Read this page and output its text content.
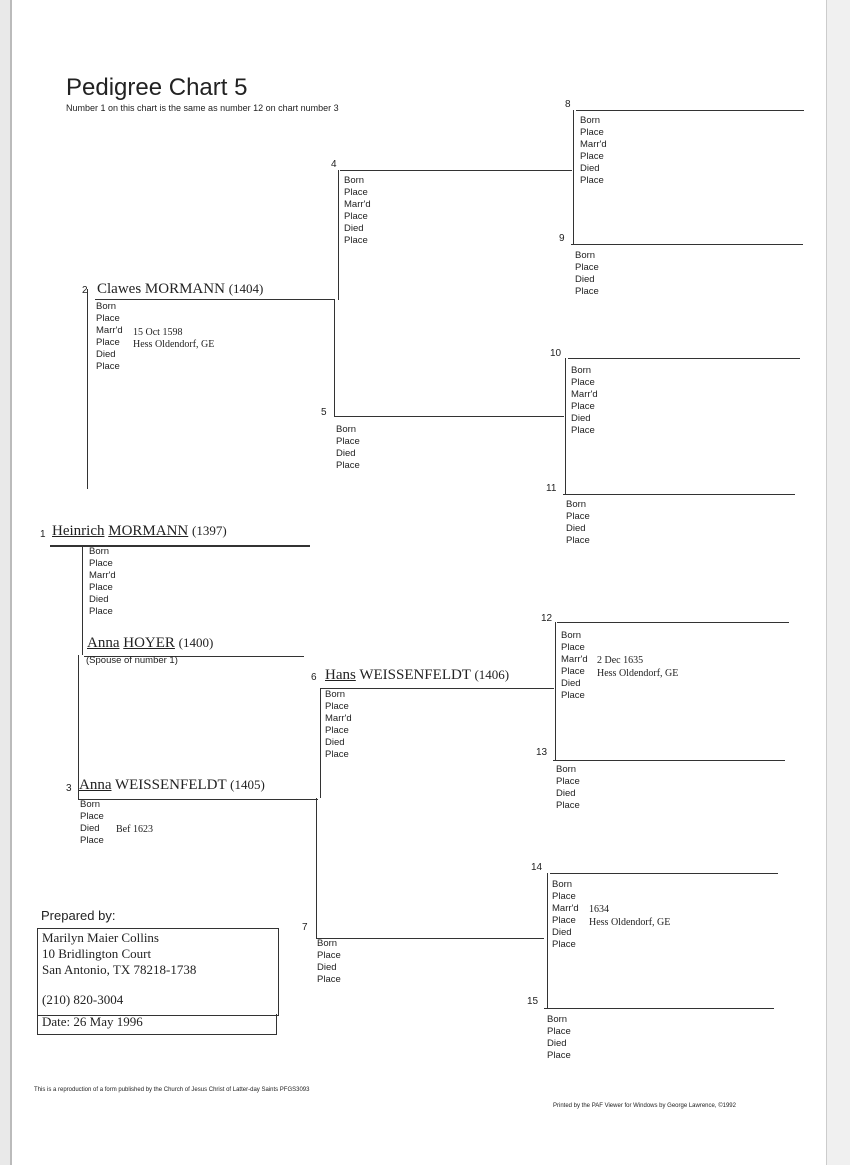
Pedigree Chart 5
Number 1 on this chart is the same as number 12 on chart number 3
1 Heinrich MORMANN (1397)
Born
Place
Marr'd
Place
Died
Place
Anna HOYER (1400)
(Spouse of number 1)
2 Clawes MORMANN (1404)
Born
Place
Marr'd
Place
Died
Place
15 Oct 1598
Hess Oldendorf, GE
3 Anna WEISSENFELDT (1405)
Born
Place
Died
Place
Bef 1623
4
Born
Place
Marr'd
Place
Died
Place
5
Born
Place
Died
Place
6 Hans WEISSENFELDT (1406)
Born
Place
Marr'd
Place
Died
Place
7
Born
Place
Died
Place
8
Born
Place
Marr'd
Place
Died
Place
9
Born
Place
Died
Place
10
Born
Place
Marr'd
Place
Died
Place
11
Born
Place
Died
Place
12
Born
Place
Marr'd
Place
Died
Place
2 Dec 1635
Hess Oldendorf, GE
13
Born
Place
Died
Place
14
Born
Place
Marr'd
Place
Died
Place
1634
Hess Oldendorf, GE
15
Born
Place
Died
Place
Prepared by:
Marilyn Maier Collins
10 Bridlington Court
San Antonio, TX 78218-1738
(210) 820-3004
Date: 26 May 1996
This is a reproduction of a form published by the Church of Jesus Christ of Latter-day Saints PFGS3093
Printed by the PAF Viewer for Windows by George Lawrence, ©1992
